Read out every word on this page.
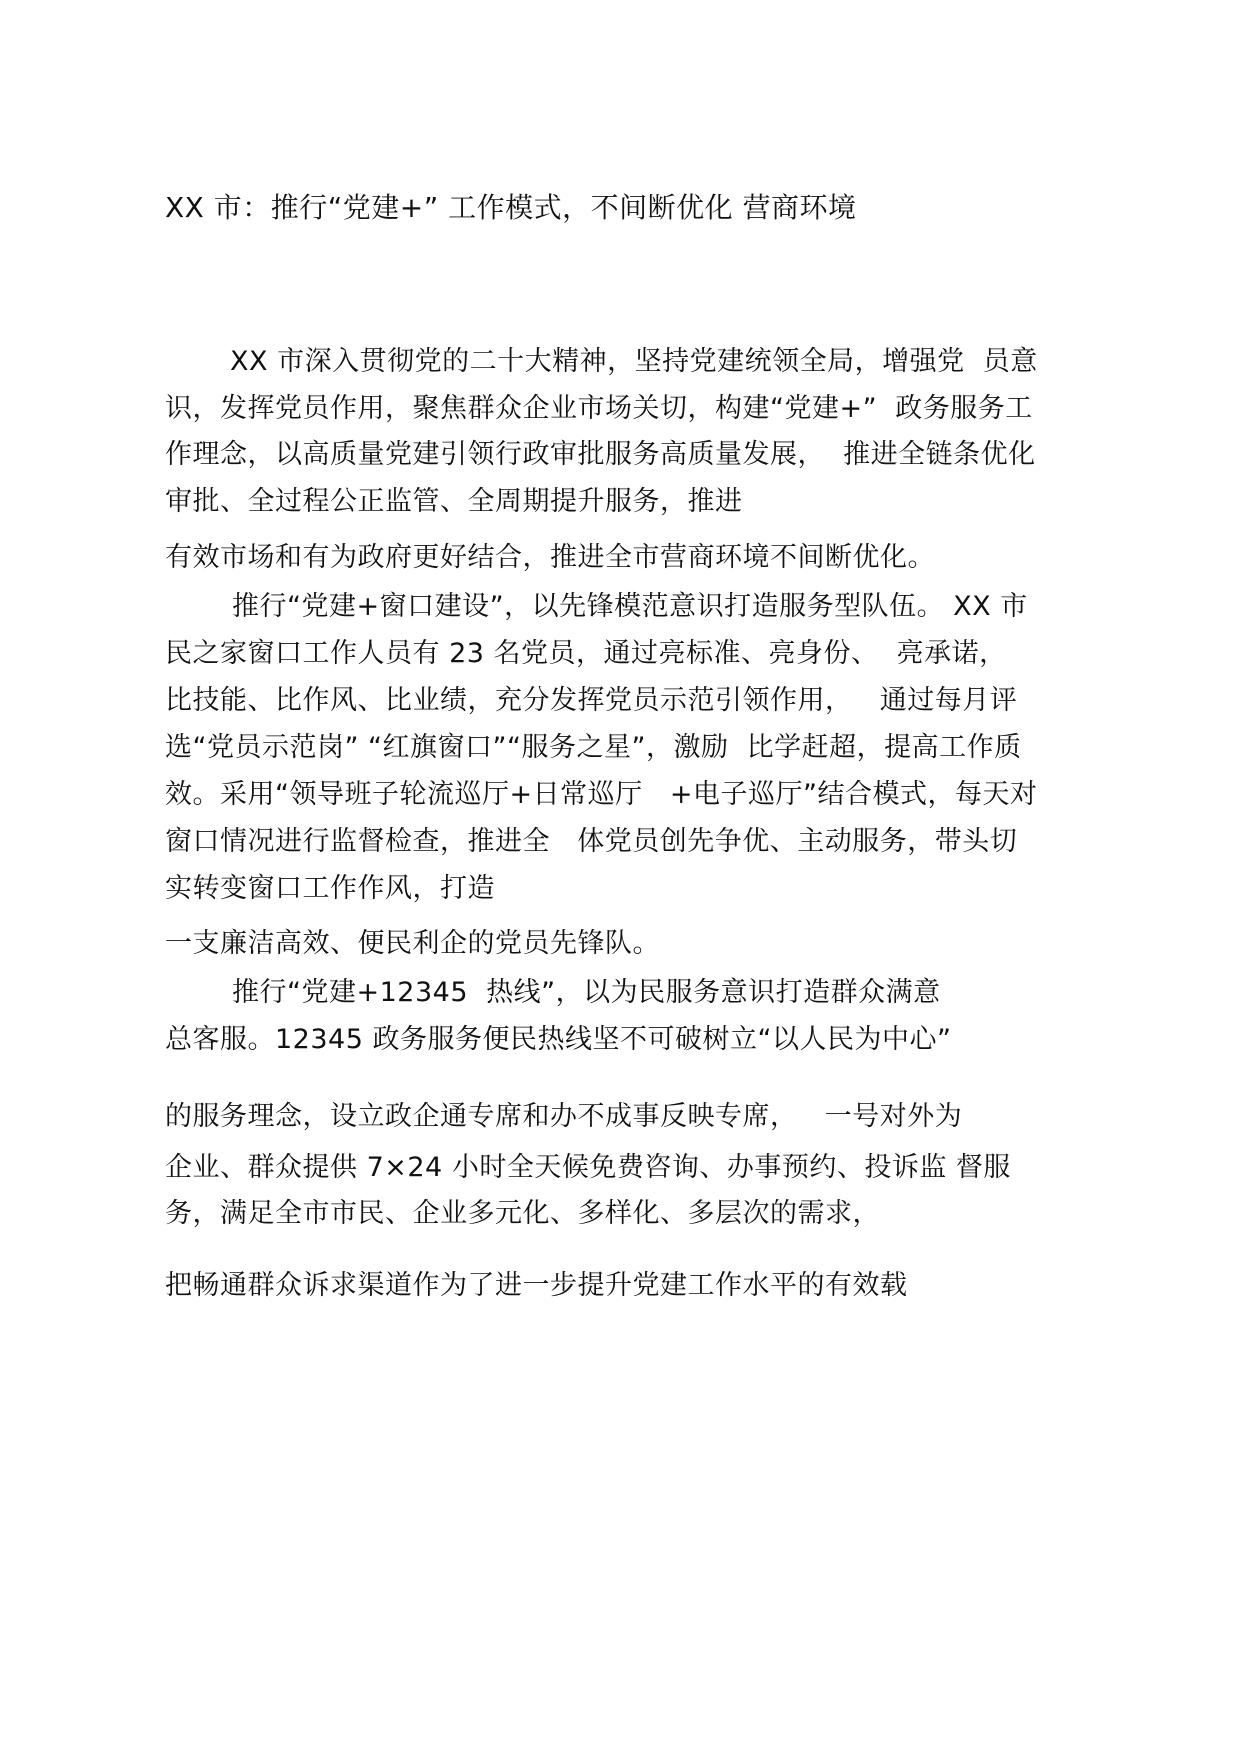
XX 市：推行“党建+” 工作模式，不间断优化 营商环境
XX 市深入贯彻党的二十大精神，坚持党建统领全局，增强党  员意
识，发挥党员作用，聚焦群众企业市场关切，构建“党建+”  政务服务工
作理念，以高质量党建引领行政审批服务高质量发展，  推进全链条优化
审批、全过程公正监管、全周期提升服务，推进
有效市场和有为政府更好结合，推进全市营商环境不间断优化。
推行“党建+窗口建设”，以先锋模范意识打造服务型队伍。 XX 市
民之家窗口工作人员有 23 名党员，通过亮标准、亮身份、  亮承诺，
比技能、比作风、比业绩，充分发挥党员示范引领作用，   通过每月评
选“党员示范岗” “红旗窗口”“服务之星”，激励  比学赶超，提高工作质
效。采用“领导班子轮流巡厅+日常巡厅   +电子巡厅”结合模式，每天对
窗口情况进行监督检查，推进全   体党员创先争优、主动服务，带头切
实转变窗口工作作风，打造
一支廉洁高效、便民利企的党员先锋队。
推行“党建+12345  热线”，以为民服务意识打造群众满意
总客服。12345 政务服务便民热线坚不可破树立“以人民为中心”
的服务理念，设立政企通专席和办不成事反映专席，   一号对外为
企业、群众提供 7×24 小时全天候免费咨询、办事预约、投诉监 督服
务，满足全市市民、企业多元化、多样化、多层次的需求，
把畅通群众诉求渠道作为了进一步提升党建工作水平的有效载
